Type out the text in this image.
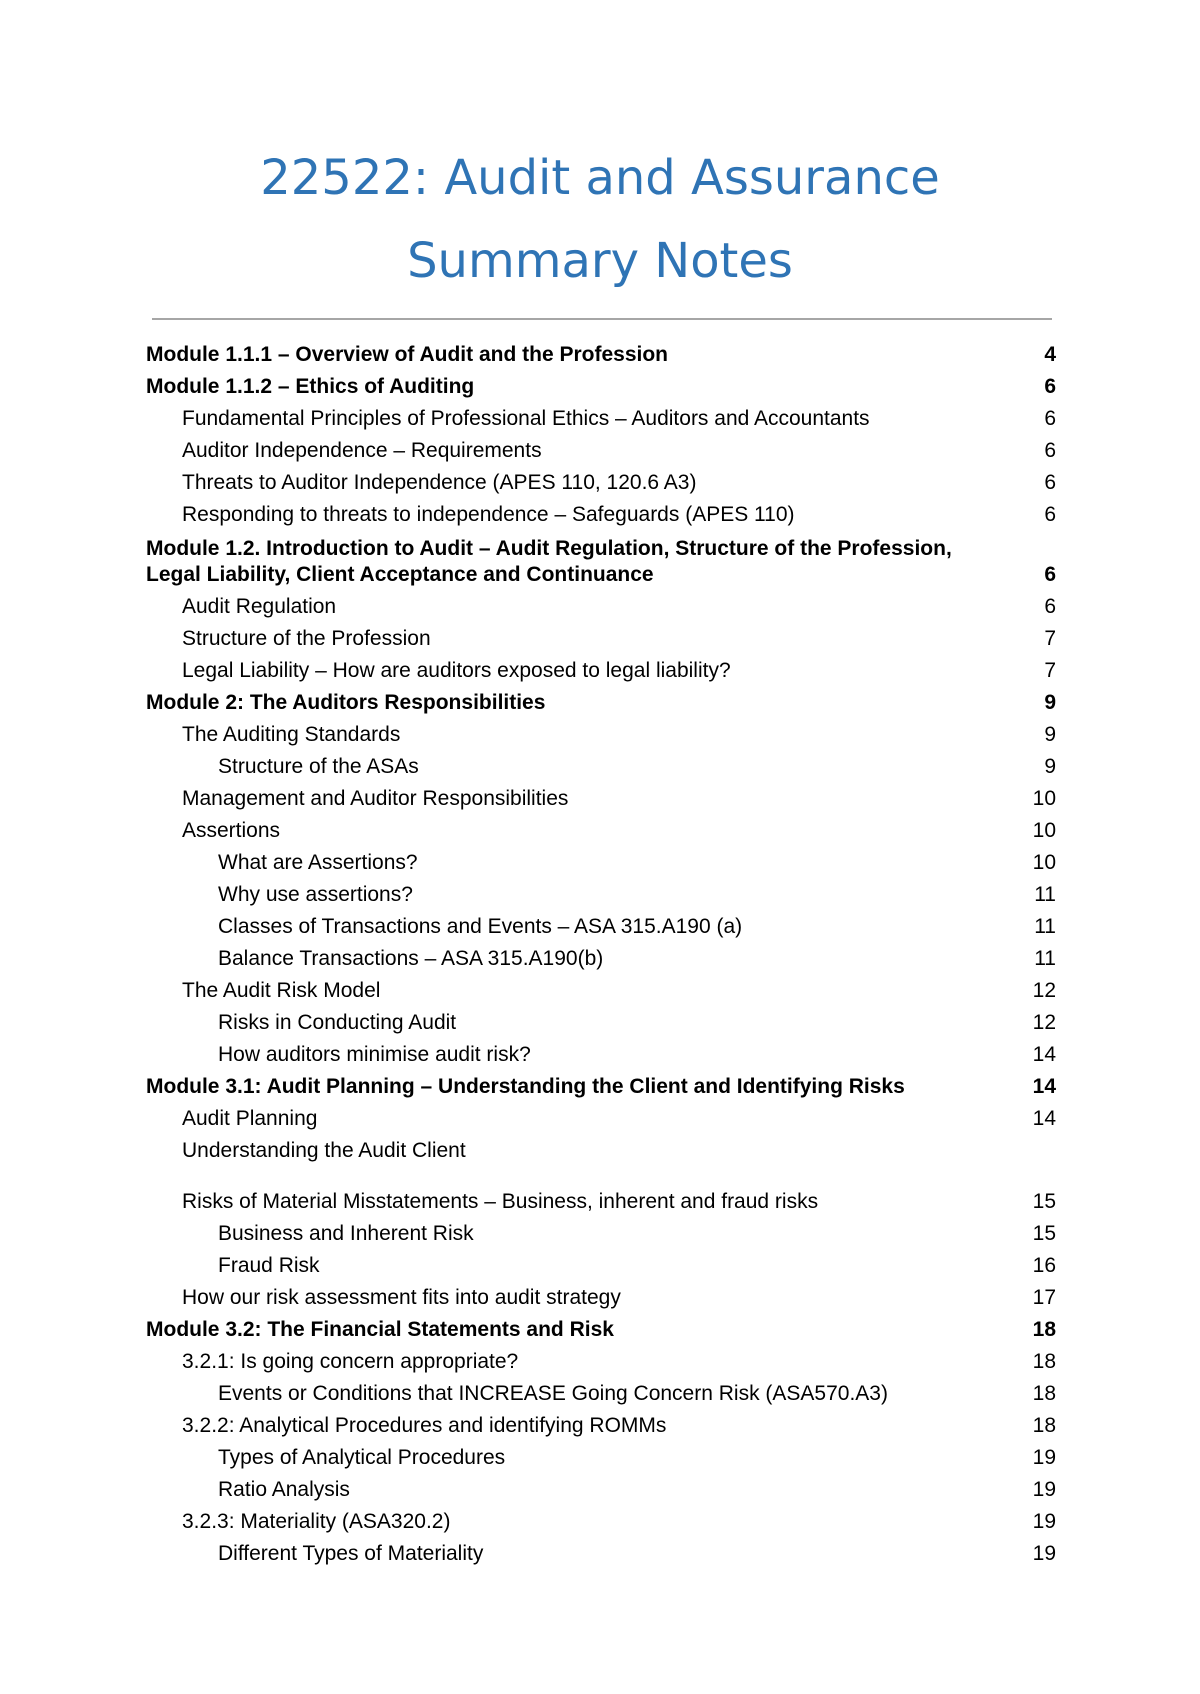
22522: Audit and Assurance
Summary Notes
Module 1.1.1 – Overview of Audit and the Profession	4
Module 1.1.2 – Ethics of Auditing	6
Fundamental Principles of Professional Ethics – Auditors and Accountants	6
Auditor Independence – Requirements	6
Threats to Auditor Independence (APES 110, 120.6 A3)	6
Responding to threats to independence – Safeguards (APES 110)	6
Module 1.2. Introduction to Audit – Audit Regulation, Structure of the Profession,
Legal Liability, Client Acceptance and Continuance	6
Audit Regulation	6
Structure of the Profession	7
Legal Liability – How are auditors exposed to legal liability?	7
Module 2: The Auditors Responsibilities	9
The Auditing Standards	9
Structure of the ASAs	9
Management and Auditor Responsibilities	10
Assertions	10
What are Assertions?	10
Why use assertions?	11
Classes of Transactions and Events – ASA 315.A190 (a)	11
Balance Transactions – ASA 315.A190(b)	11
The Audit Risk Model	12
Risks in Conducting Audit	12
How auditors minimise audit risk?	14
Module 3.1: Audit Planning – Understanding the Client and Identifying Risks	14
Audit Planning	14
Understanding the Audit Client
Risks of Material Misstatements – Business, inherent and fraud risks	15
Business and Inherent Risk	15
Fraud Risk	16
How our risk assessment fits into audit strategy	17
Module 3.2: The Financial Statements and Risk	18
3.2.1: Is going concern appropriate?	18
Events or Conditions that INCREASE Going Concern Risk (ASA570.A3)	18
3.2.2: Analytical Procedures and identifying ROMMs	18
Types of Analytical Procedures	19
Ratio Analysis	19
3.2.3: Materiality (ASA320.2)	19
Different Types of Materiality	19
